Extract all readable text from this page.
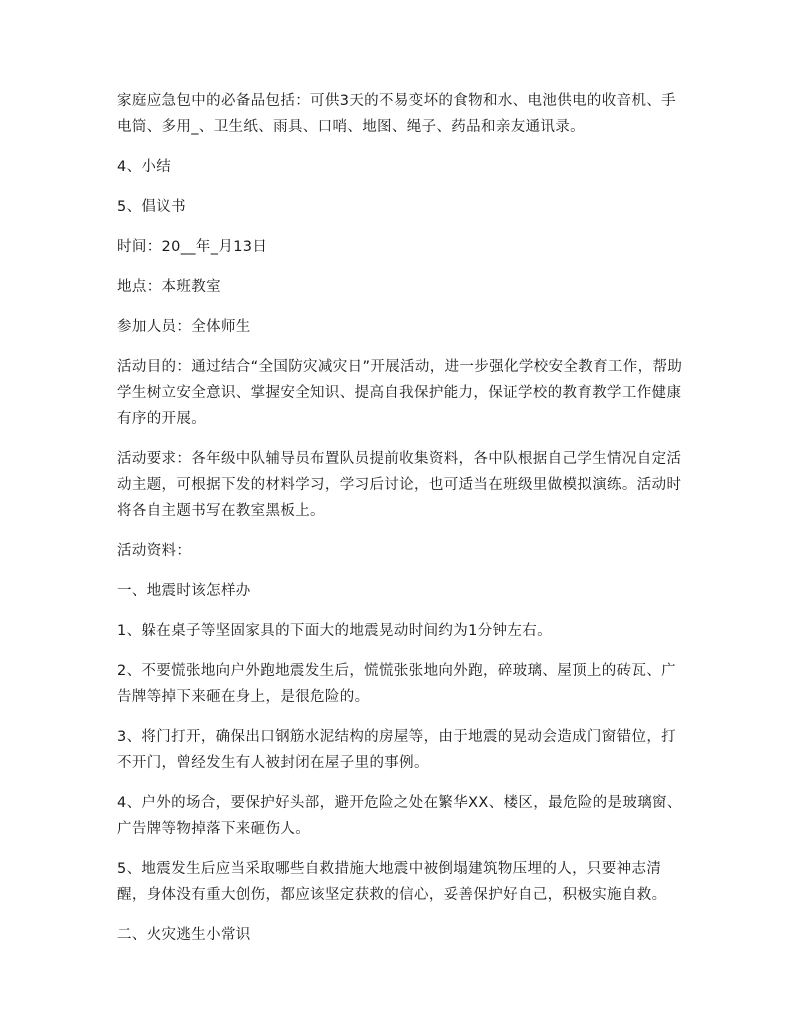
家庭应急包中的必备品包括：可供3天的不易变坏的食物和水、电池供电的收音机、手电筒、多用_、卫生纸、雨具、口哨、地图、绳子、药品和亲友通讯录。

4、小结

5、倡议书

时间：20__年_月13日

地点：本班教室

参加人员：全体师生

活动目的：通过结合“全国防灾减灾日”开展活动，进一步强化学校安全教育工作，帮助学生树立安全意识、掌握安全知识、提高自我保护能力，保证学校的教育教学工作健康有序的开展。

活动要求：各年级中队辅导员布置队员提前收集资料，各中队根据自己学生情况自定活动主题，可根据下发的材料学习，学习后讨论，也可适当在班级里做模拟演练。活动时将各自主题书写在教室黑板上。

活动资料：

一、地震时该怎样办

1、躲在桌子等坚固家具的下面大的地震晃动时间约为1分钟左右。

2、不要慌张地向户外跑地震发生后，慌慌张张地向外跑，碎玻璃、屋顶上的砖瓦、广告牌等掉下来砸在身上，是很危险的。

3、将门打开，确保出口钢筋水泥结构的房屋等，由于地震的晃动会造成门窗错位，打不开门，曾经发生有人被封闭在屋子里的事例。

4、户外的场合，要保护好头部，避开危险之处在繁华XX、楼区，最危险的是玻璃窗、广告牌等物掉落下来砸伤人。

5、地震发生后应当采取哪些自救措施大地震中被倒塌建筑物压埋的人，只要神志清醒，身体没有重大创伤，都应该坚定获救的信心，妥善保护好自己，积极实施自救。

二、火灾逃生小常识
